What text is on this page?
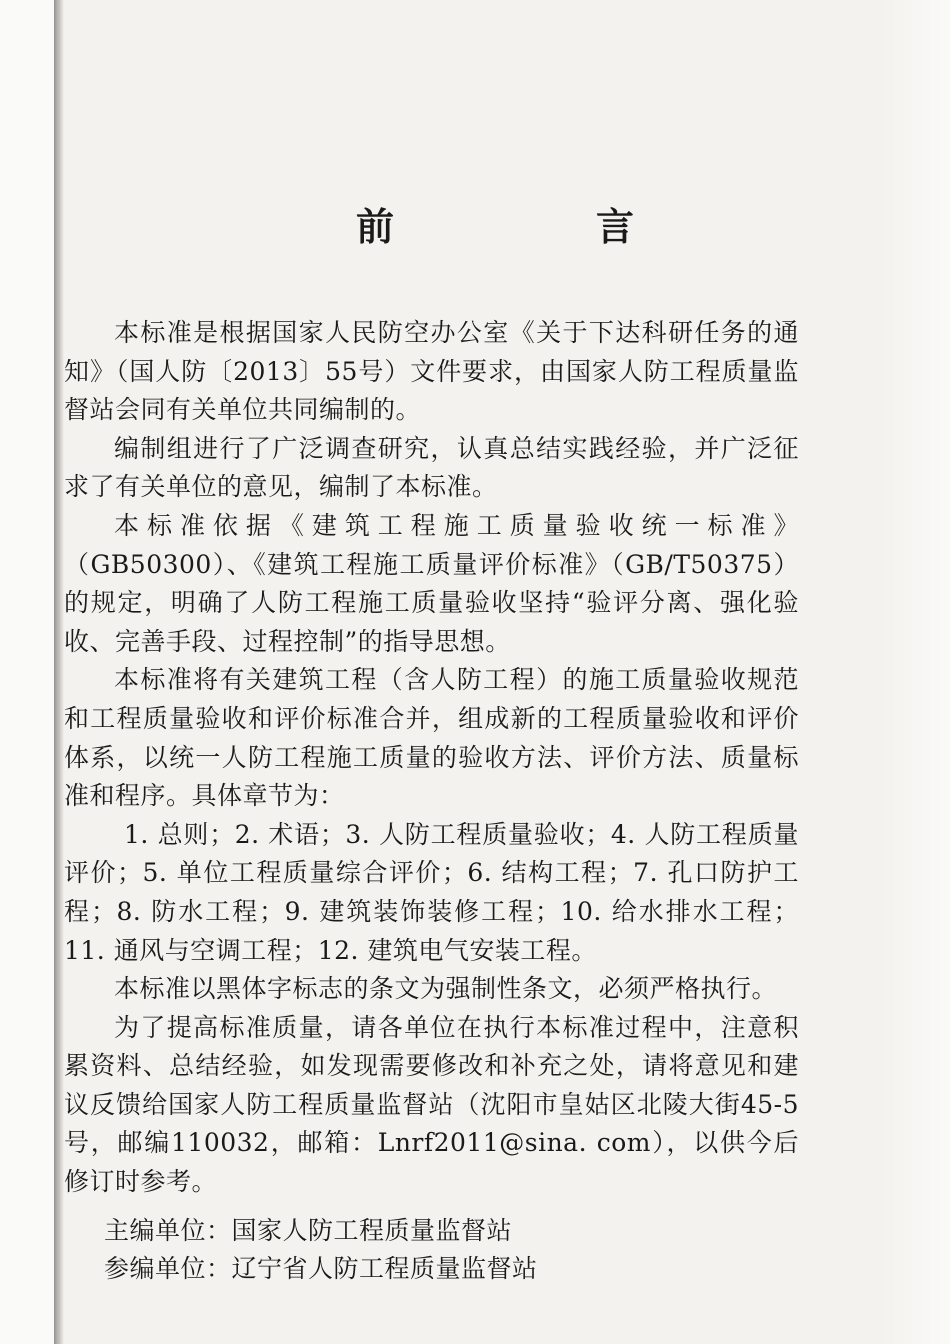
前　言

本标准是根据国家人民防空办公室《关于下达科研任务的通知》（国人防〔2013〕55号）文件要求，由国家人防工程质量监督站会同有关单位共同编制的。

编制组进行了广泛调查研究，认真总结实践经验，并广泛征求了有关单位的意见，编制了本标准。

本标准依据《建筑工程施工质量验收统一标准》（GB50300）、《建筑工程施工质量评价标准》（GB/T50375）的规定，明确了人防工程施工质量验收坚持“验评分离、强化验收、完善手段、过程控制”的指导思想。

本标准将有关建筑工程（含人防工程）的施工质量验收规范和工程质量验收和评价标准合并，组成新的工程质量验收和评价体系，以统一人防工程施工质量的验收方法、评价方法、质量标准和程序。具体章节为：

1. 总则；2. 术语；3. 人防工程质量验收；4. 人防工程质量评价；5. 单位工程质量综合评价；6. 结构工程；7. 孔口防护工程；8. 防水工程；9. 建筑装饰装修工程；10. 给水排水工程；11. 通风与空调工程；12. 建筑电气安装工程。

本标准以黑体字标志的条文为强制性条文，必须严格执行。

为了提高标准质量，请各单位在执行本标准过程中，注意积累资料、总结经验，如发现需要修改和补充之处，请将意见和建议反馈给国家人防工程质量监督站（沈阳市皇姑区北陵大街45-5号，邮编110032，邮箱：Lnrf2011@sina. com），以供今后修订时参考。

主编单位：国家人防工程质量监督站

参编单位：辽宁省人防工程质量监督站
